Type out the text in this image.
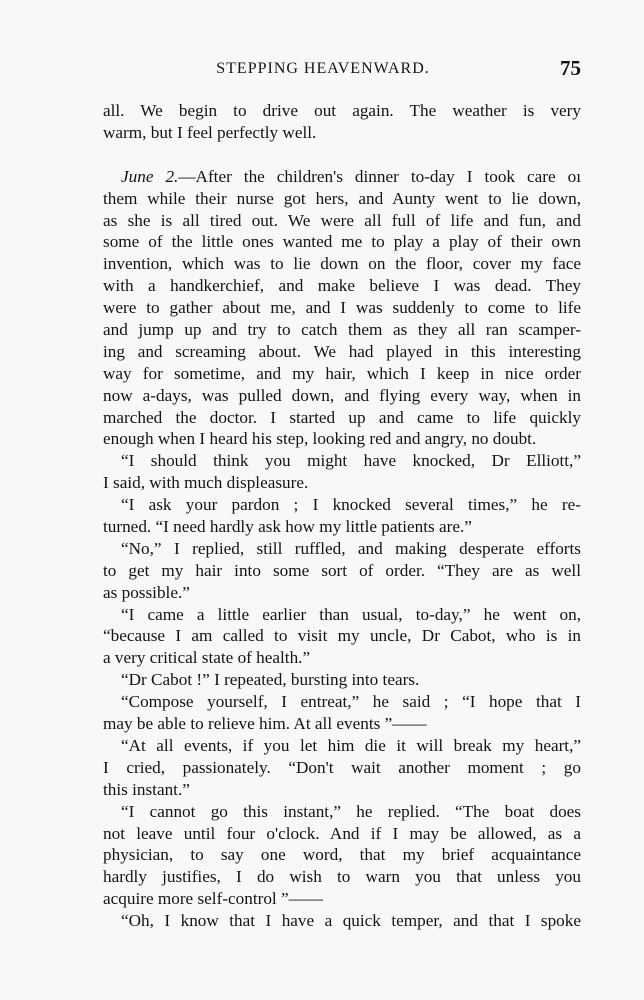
STEPPING HEAVENWARD.	75
all. We begin to drive out again. The weather is very
warm, but I feel perfectly well.
June 2.—After the children's dinner to-day I took care oı
them while their nurse got hers, and Aunty went to lie down,
as she is all tired out. We were all full of life and fun, and
some of the little ones wanted me to play a play of their own
invention, which was to lie down on the floor, cover my face
with a handkerchief, and make believe I was dead. They
were to gather about me, and I was suddenly to come to life
and jump up and try to catch them as they all ran scamper-
ing and screaming about. We had played in this interesting
way for sometime, and my hair, which I keep in nice order
now a-days, was pulled down, and flying every way, when in
marched the doctor. I started up and came to life quickly
enough when I heard his step, looking red and angry, no doubt.
“I should think you might have knocked, Dr Elliott,”
I said, with much displeasure.
“I ask your pardon ; I knocked several times,” he re-
turned. “I need hardly ask how my little patients are.”
“No,” I replied, still ruffled, and making desperate efforts
to get my hair into some sort of order. “They are as well
as possible.”
“I came a little earlier than usual, to-day,” he went on,
“because I am called to visit my uncle, Dr Cabot, who is in
a very critical state of health.”
“Dr Cabot !” I repeated, bursting into tears.
“Compose yourself, I entreat,” he said ; “I hope that I
may be able to relieve him. At all events ”——
“At all events, if you let him die it will break my heart,”
I cried, passionately. “Don't wait another moment ; go
this instant.”
“I cannot go this instant,” he replied. “The boat does
not leave until four o'clock. And if I may be allowed, as a
physician, to say one word, that my brief acquaintance
hardly justifies, I do wish to warn you that unless you
acquire more self-control ”——
“Oh, I know that I have a quick temper, and that I spoke
